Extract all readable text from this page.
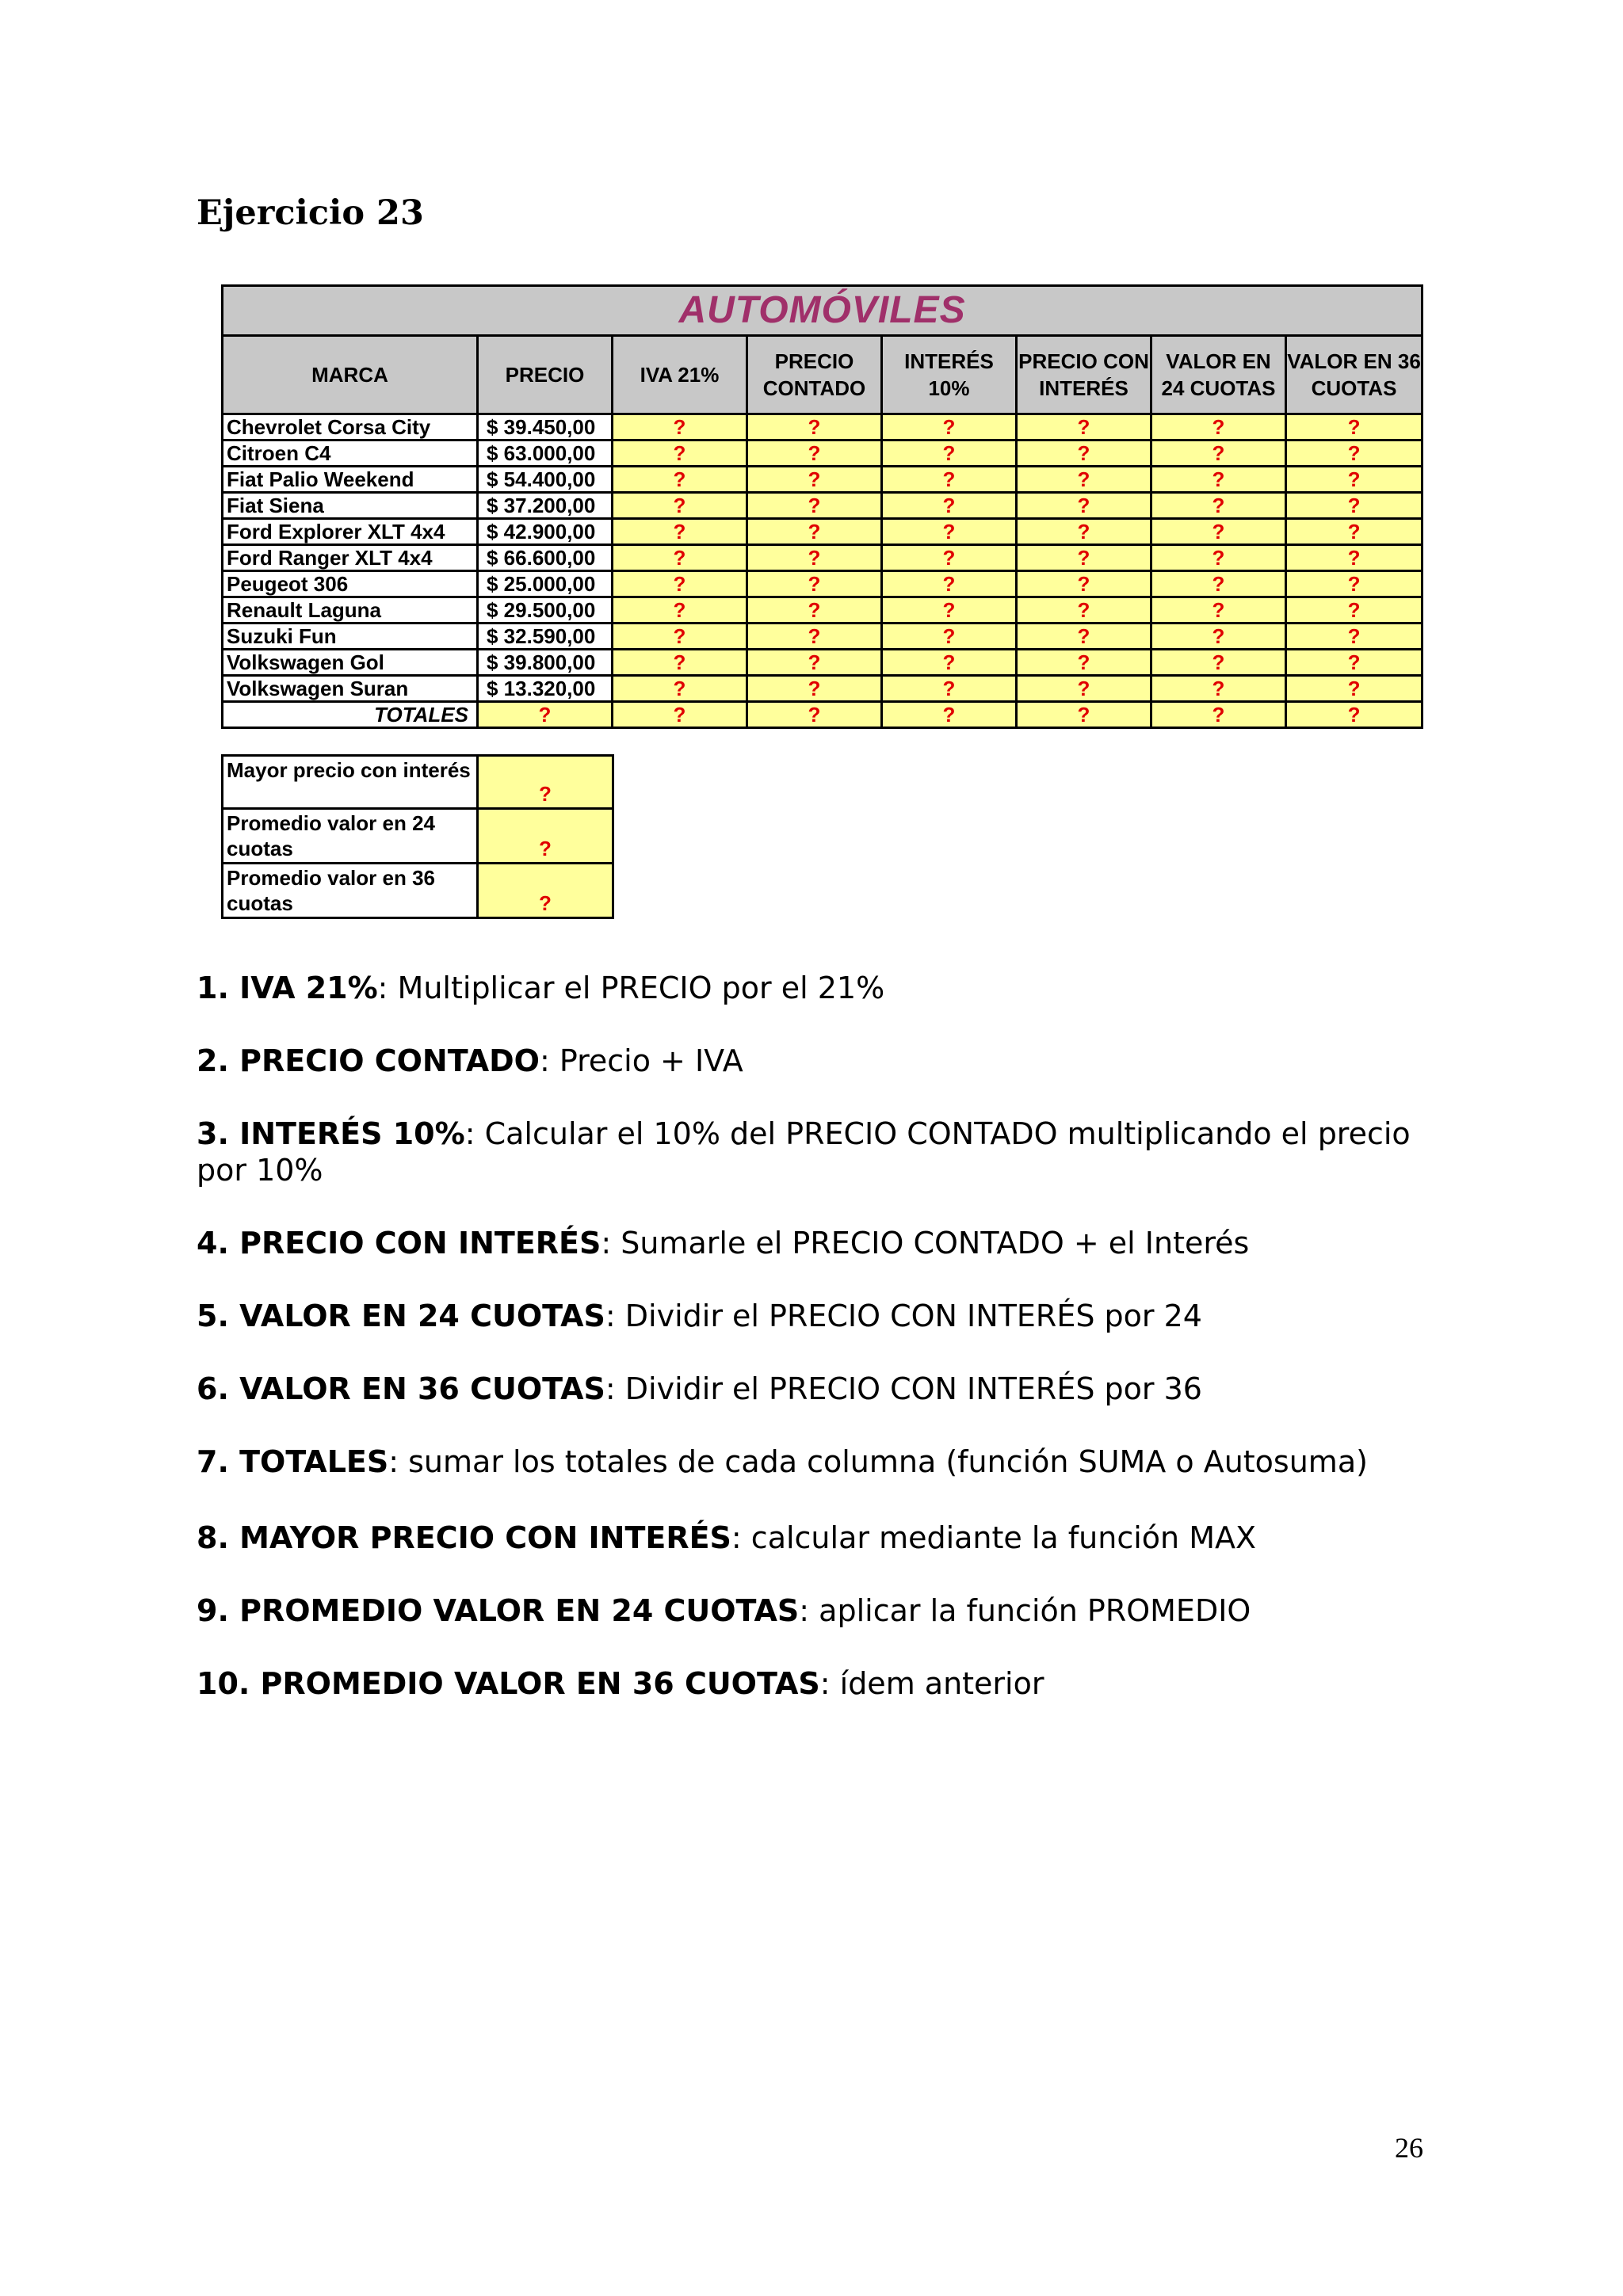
Ejercicio 23
AUTOMÓVILES							
MARCA	PRECIO	IVA 21%	PRECIO CONTADO	INTERÉS 10%	PRECIO CON INTERÉS	VALOR EN 24 CUOTAS	VALOR EN 36 CUOTAS
Chevrolet Corsa City	$ 39.450,00	?	?	?	?	?	?
Citroen C4	$ 63.000,00	?	?	?	?	?	?
Fiat Palio Weekend	$ 54.400,00	?	?	?	?	?	?
Fiat Siena	$ 37.200,00	?	?	?	?	?	?
Ford Explorer XLT 4x4	$ 42.900,00	?	?	?	?	?	?
Ford Ranger XLT 4x4	$ 66.600,00	?	?	?	?	?	?
Peugeot 306	$ 25.000,00	?	?	?	?	?	?
Renault Laguna	$ 29.500,00	?	?	?	?	?	?
Suzuki Fun	$ 32.590,00	?	?	?	?	?	?
Volkswagen Gol	$ 39.800,00	?	?	?	?	?	?
Volkswagen Suran	$ 13.320,00	?	?	?	?	?	?
TOTALES	?	?	?	?	?	?	?
Mayor precio con interés	?
Promedio valor en 24 cuotas	?
Promedio valor en 36 cuotas	?

1. IVA 21%: Multiplicar el PRECIO por el 21%

2. PRECIO CONTADO: Precio + IVA

3. INTERÉS 10%: Calcular el 10% del PRECIO CONTADO multiplicando el precio por 10%

4. PRECIO CON INTERÉS: Sumarle el PRECIO CONTADO + el Interés

5. VALOR EN 24 CUOTAS: Dividir el PRECIO CON INTERÉS por 24

6. VALOR EN 36 CUOTAS: Dividir el PRECIO CON INTERÉS por 36

7. TOTALES: sumar los totales de cada columna (función SUMA o Autosuma)

8. MAYOR PRECIO CON INTERÉS: calcular mediante la función MAX

9. PROMEDIO VALOR EN 24 CUOTAS: aplicar la función PROMEDIO

10. PROMEDIO VALOR EN 36 CUOTAS: ídem anterior

26
